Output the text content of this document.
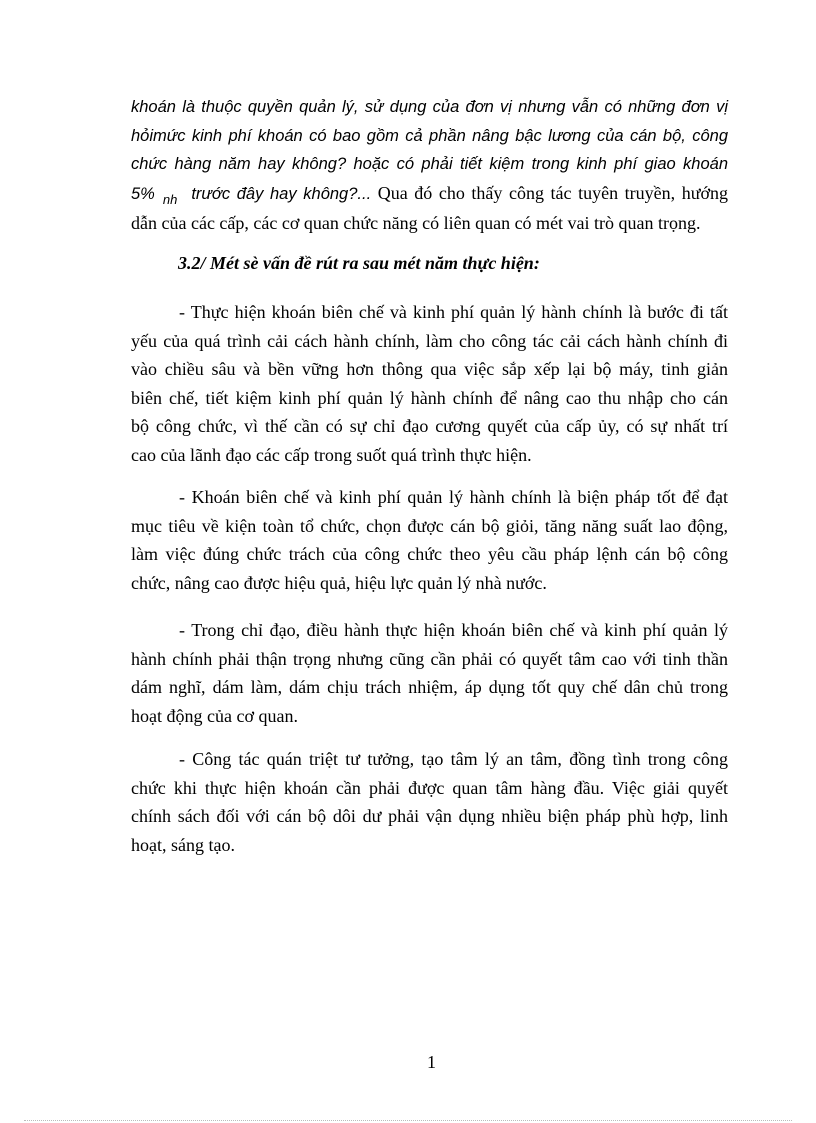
khoán là thuộc quyền quản lý, sử dụng của đơn vị nhưng vẫn có những đơn vị
hỏimức kinh phí khoán có bao gồm cả phần nâng bậc lương của cán bộ, công
chức hàng năm hay không? hoặc có phải tiết kiệm trong kinh phí giao khoán
5% $_{nh}$ trước đây hay không?... Qua đó cho thấy công tác tuyên truyền, hướng
dẫn của các cấp, các cơ quan chức năng có liên quan có mét vai trò quan trọng.
3.2/ Mét sè vấn đề rút ra sau mét năm thực hiện:
- Thực hiện khoán biên chế và kinh phí quản lý hành chính là bước đi tất
yếu của quá trình cải cách hành chính, làm cho công tác cải cách hành chính đi
vào chiều sâu và bền vững hơn thông qua việc sắp xếp lại bộ máy, tinh giản
biên chế, tiết kiệm kinh phí quản lý hành chính để nâng cao thu nhập cho cán
bộ công chức, vì thế cần có sự chỉ đạo cương quyết của cấp ủy, có sự nhất trí
cao của lãnh đạo các cấp trong suốt quá trình thực hiện.
- Khoán biên chế và kinh phí quản lý hành chính là biện pháp tốt để đạt
mục tiêu về kiện toàn tổ chức, chọn được cán bộ giỏi, tăng năng suất lao động,
làm việc đúng chức trách của công chức theo yêu cầu pháp lệnh cán bộ công
chức, nâng cao được hiệu quả, hiệu lực quản lý nhà nước.
- Trong chỉ đạo, điều hành thực hiện khoán biên chế và kinh phí quản lý
hành chính phải thận trọng nhưng cũng cần phải có quyết tâm cao với tinh thần
dám nghĩ, dám làm, dám chịu trách nhiệm, áp dụng tốt quy chế dân chủ trong
hoạt động của cơ quan.
- Công tác quán triệt tư tưởng, tạo tâm lý an tâm, đồng tình trong công
chức khi thực hiện khoán cần phải được quan tâm hàng đầu. Việc giải quyết
chính sách đối với cán bộ dôi dư phải vận dụng nhiều biện pháp phù hợp, linh
hoạt, sáng tạo.
1
